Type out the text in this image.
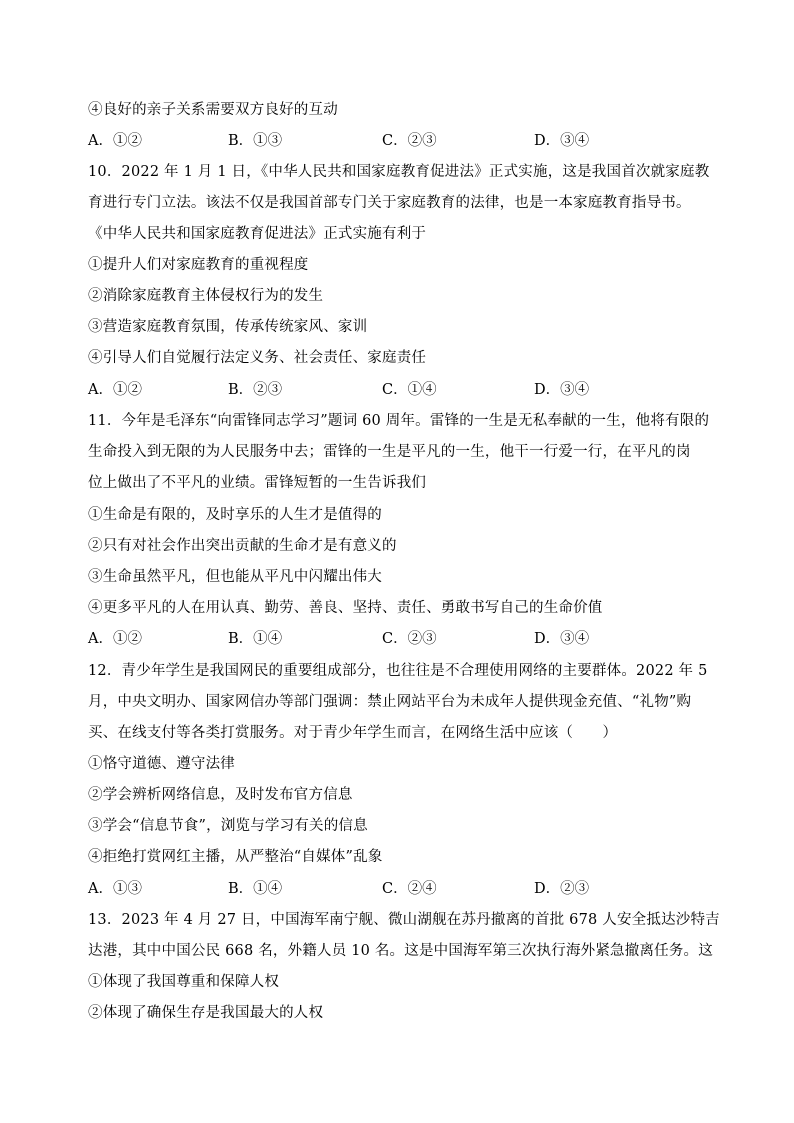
④良好的亲子关系需要双方良好的互动
A．①②	B．①③	C．②③	D．③④
10．2022 年 1 月 1 日，《中华人民共和国家庭教育促进法》正式实施，这是我国首次就家庭教
育进行专门立法。该法不仅是我国首部专门关于家庭教育的法律，也是一本家庭教育指导书。
《中华人民共和国家庭教育促进法》正式实施有利于
①提升人们对家庭教育的重视程度
②消除家庭教育主体侵权行为的发生
③营造家庭教育氛围，传承传统家风、家训
④引导人们自觉履行法定义务、社会责任、家庭责任
A．①②	B．②③	C．①④	D．③④
11．今年是毛泽东“向雷锋同志学习”题词 60 周年。雷锋的一生是无私奉献的一生，他将有限的
生命投入到无限的为人民服务中去；雷锋的一生是平凡的一生，他干一行爱一行，在平凡的岗
位上做出了不平凡的业绩。雷锋短暂的一生告诉我们
①生命是有限的，及时享乐的人生才是值得的
②只有对社会作出突出贡献的生命才是有意义的
③生命虽然平凡，但也能从平凡中闪耀出伟大
④更多平凡的人在用认真、勤劳、善良、坚持、责任、勇敢书写自己的生命价值
A．①②	B．①④	C．②③	D．③④
12．青少年学生是我国网民的重要组成部分，也往往是不合理使用网络的主要群体。2022 年 5
月，中央文明办、国家网信办等部门强调：禁止网站平台为未成年人提供现金充值、“礼物”购
买、在线支付等各类打赏服务。对于青少年学生而言，在网络生活中应该（　　）
①恪守道德、遵守法律
②学会辨析网络信息，及时发布官方信息
③学会“信息节食”，浏览与学习有关的信息
④拒绝打赏网红主播，从严整治“自媒体”乱象
A．①③	B．①④	C．②④	D．②③
13．2023 年 4 月 27 日，中国海军南宁舰、微山湖舰在苏丹撤离的首批 678 人安全抵达沙特吉
达港，其中中国公民 668 名，外籍人员 10 名。这是中国海军第三次执行海外紧急撤离任务。这
①体现了我国尊重和保障人权
②体现了确保生存是我国最大的人权
